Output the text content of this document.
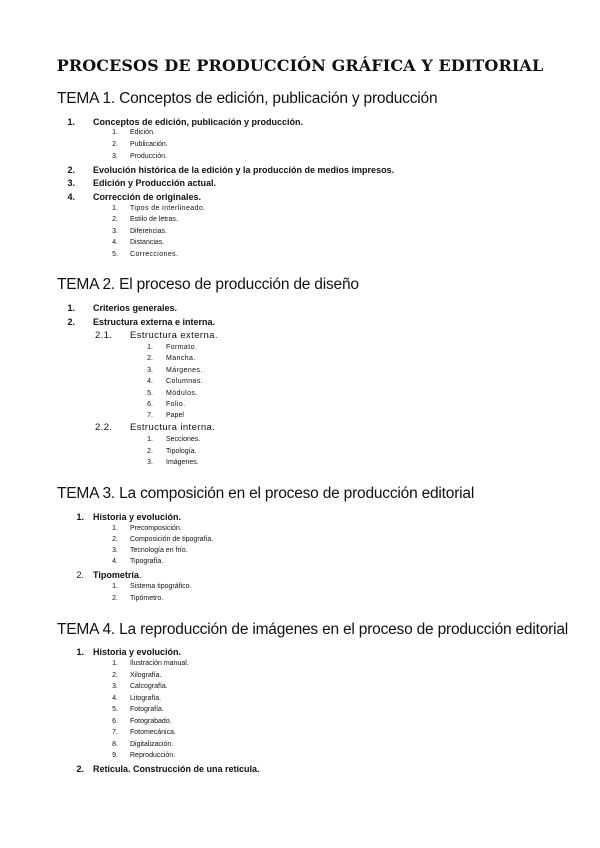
PROCESOS DE PRODUCCIÓN GRÁFICA Y EDITORIAL
TEMA 1. Conceptos de edición, publicación y producción
1. Conceptos de edición, publicación y producción.
1. Edición.
2. Publicación.
3. Producción.
2. Evolución histórica de la edición y la producción de medios impresos.
3. Edición y Producción actual.
4. Corrección de originales.
1. Tipos de interlineado.
2. Estilo de letras.
3. Diferencias.
4. Distancias.
5. Correcciones.
TEMA 2. El proceso de producción de diseño
1. Criterios generales.
2. Estructura externa e interna.
2.1. Estructura externa.
1. Formato.
2. Mancha.
3. Márgenes.
4. Columnas.
5. Módulos.
6. Folio.
7. Papel
2.2. Estructura interna.
1. Secciones.
2. Tipología.
3. Imágenes.
TEMA 3. La composición en el proceso de producción editorial
1. Historia y evolución.
1. Precomposición.
2. Composición de tipografía.
3. Tecnología en frío.
4. Tipografía.
2. Tipometría.
1. Sistema tipográfico.
2. Tipómetro.
TEMA 4. La reproducción de imágenes en el proceso de producción editorial
1. Historia y evolución.
1. Ilustración manual.
2. Xilografía.
3. Calcografía.
4. Litografía.
5. Fotografía.
6. Fotograbado.
7. Fotomecánica.
8. Digitalización.
9. Reproducción.
2. Retícula. Construcción de una retícula.
